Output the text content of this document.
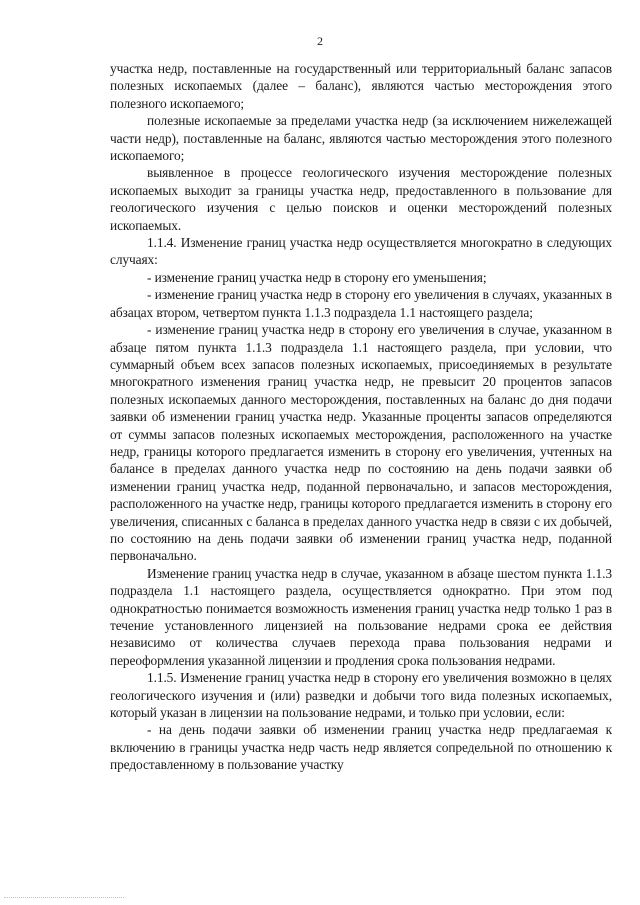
2

участка недр, поставленные на государственный или территориальный баланс запасов полезных ископаемых (далее – баланс), являются частью месторождения этого полезного ископаемого;

полезные ископаемые за пределами участка недр (за исключением нижележащей части недр), поставленные на баланс, являются частью месторождения этого полезного ископаемого;

выявленное в процессе геологического изучения месторождение полезных ископаемых выходит за границы участка недр, предоставленного в пользование для геологического изучения с целью поисков и оценки месторождений полезных ископаемых.

1.1.4. Изменение границ участка недр осуществляется многократно в следующих случаях:

- изменение границ участка недр в сторону его уменьшения;

- изменение границ участка недр в сторону его увеличения в случаях, указанных в абзацах втором, четвертом пункта 1.1.3 подраздела 1.1 настоящего раздела;

- изменение границ участка недр в сторону его увеличения в случае, указанном в абзаце пятом пункта 1.1.3 подраздела 1.1 настоящего раздела, при условии, что суммарный объем всех запасов полезных ископаемых, присоединяемых в результате многократного изменения границ участка недр, не превысит 20 процентов запасов полезных ископаемых данного месторождения, поставленных на баланс до дня подачи заявки об изменении границ участка недр. Указанные проценты запасов определяются от суммы запасов полезных ископаемых месторождения, расположенного на участке недр, границы которого предлагается изменить в сторону его увеличения, учтенных на балансе в пределах данного участка недр по состоянию на день подачи заявки об изменении границ участка недр, поданной первоначально, и запасов месторождения, расположенного на участке недр, границы которого предлагается изменить в сторону его увеличения, списанных с баланса в пределах данного участка недр в связи с их добычей, по состоянию на день подачи заявки об изменении границ участка недр, поданной первоначально.

Изменение границ участка недр в случае, указанном в абзаце шестом пункта 1.1.3 подраздела 1.1 настоящего раздела, осуществляется однократно. При этом под однократностью понимается возможность изменения границ участка недр только 1 раз в течение установленного лицензией на пользование недрами срока ее действия независимо от количества случаев перехода права пользования недрами и переоформления указанной лицензии и продления срока пользования недрами.

1.1.5. Изменение границ участка недр в сторону его увеличения возможно в целях геологического изучения и (или) разведки и добычи того вида полезных ископаемых, который указан в лицензии на пользование недрами, и только при условии, если:

- на день подачи заявки об изменении границ участка недр предлагаемая к включению в границы участка недр часть недр является сопредельной по отношению к предоставленному в пользование участку
